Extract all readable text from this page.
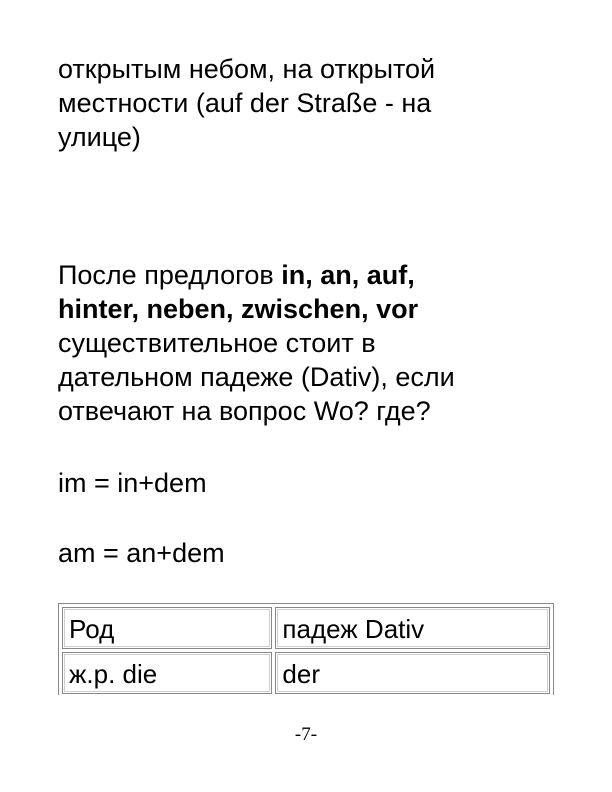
открытым небом, на открытой
местности (auf der Straße - на
улице)
После предлогов in, an, auf,
hinter, neben, zwischen, vor
существительное стоит в
дательном падеже (Dativ), если
отвечают на вопрос Wo? где?
im = in+dem
am = an+dem
Род	падеж Dativ
ж.р. die	der
-7-
